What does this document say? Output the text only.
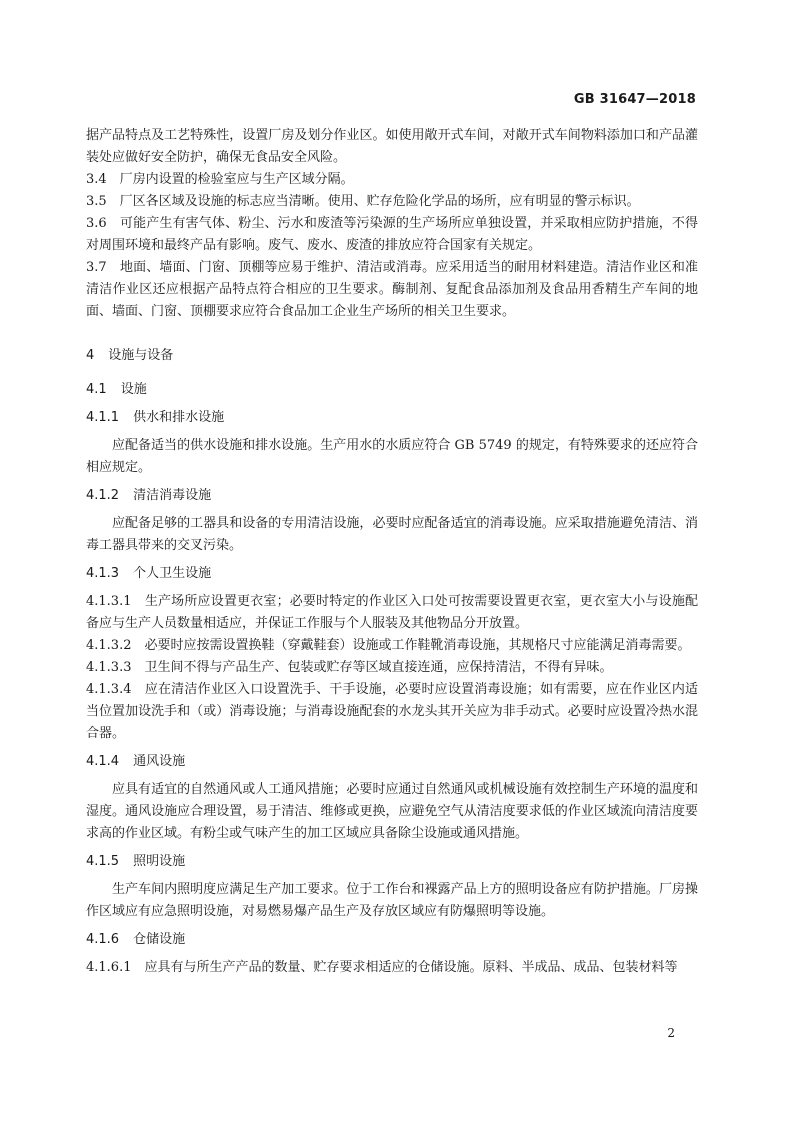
GB 31647—2018

据产品特点及工艺特殊性，设置厂房及划分作业区。如使用敞开式车间，对敞开式车间物料添加口和产品灌装处应做好安全防护，确保无食品安全风险。

3.4　厂房内设置的检验室应与生产区域分隔。

3.5　厂区各区域及设施的标志应当清晰。使用、贮存危险化学品的场所，应有明显的警示标识。

3.6　可能产生有害气体、粉尘、污水和废渣等污染源的生产场所应单独设置，并采取相应防护措施，不得对周围环境和最终产品有影响。废气、废水、废渣的排放应符合国家有关规定。

3.7　地面、墙面、门窗、顶棚等应易于维护、清洁或消毒。应采用适当的耐用材料建造。清洁作业区和准清洁作业区还应根据产品特点符合相应的卫生要求。酶制剂、复配食品添加剂及食品用香精生产车间的地面、墙面、门窗、顶棚要求应符合食品加工企业生产场所的相关卫生要求。

4 设施与设备

4.1 设施

4.1.1 供水和排水设施

应配备适当的供水设施和排水设施。生产用水的水质应符合 GB 5749 的规定，有特殊要求的还应符合相应规定。

4.1.2 清洁消毒设施

应配备足够的工器具和设备的专用清洁设施，必要时应配备适宜的消毒设施。应采取措施避免清洁、消毒工器具带来的交叉污染。

4.1.3 个人卫生设施

4.1.3.1　生产场所应设置更衣室；必要时特定的作业区入口处可按需要设置更衣室，更衣室大小与设施配备应与生产人员数量相适应，并保证工作服与个人服装及其他物品分开放置。

4.1.3.2　必要时应按需设置换鞋（穿戴鞋套）设施或工作鞋靴消毒设施，其规格尺寸应能满足消毒需要。

4.1.3.3　卫生间不得与产品生产、包装或贮存等区域直接连通，应保持清洁，不得有异味。

4.1.3.4　应在清洁作业区入口设置洗手、干手设施，必要时应设置消毒设施；如有需要，应在作业区内适当位置加设洗手和（或）消毒设施；与消毒设施配套的水龙头其开关应为非手动式。必要时应设置冷热水混合器。

4.1.4 通风设施

应具有适宜的自然通风或人工通风措施；必要时应通过自然通风或机械设施有效控制生产环境的温度和湿度。通风设施应合理设置，易于清洁、维修或更换，应避免空气从清洁度要求低的作业区域流向清洁度要求高的作业区域。有粉尘或气味产生的加工区域应具备除尘设施或通风措施。

4.1.5 照明设施

生产车间内照明度应满足生产加工要求。位于工作台和裸露产品上方的照明设备应有防护措施。厂房操作区域应有应急照明设施，对易燃易爆产品生产及存放区域应有防爆照明等设施。

4.1.6 仓储设施

4.1.6.1　应具有与所生产产品的数量、贮存要求相适应的仓储设施。原料、半成品、成品、包装材料等

2
